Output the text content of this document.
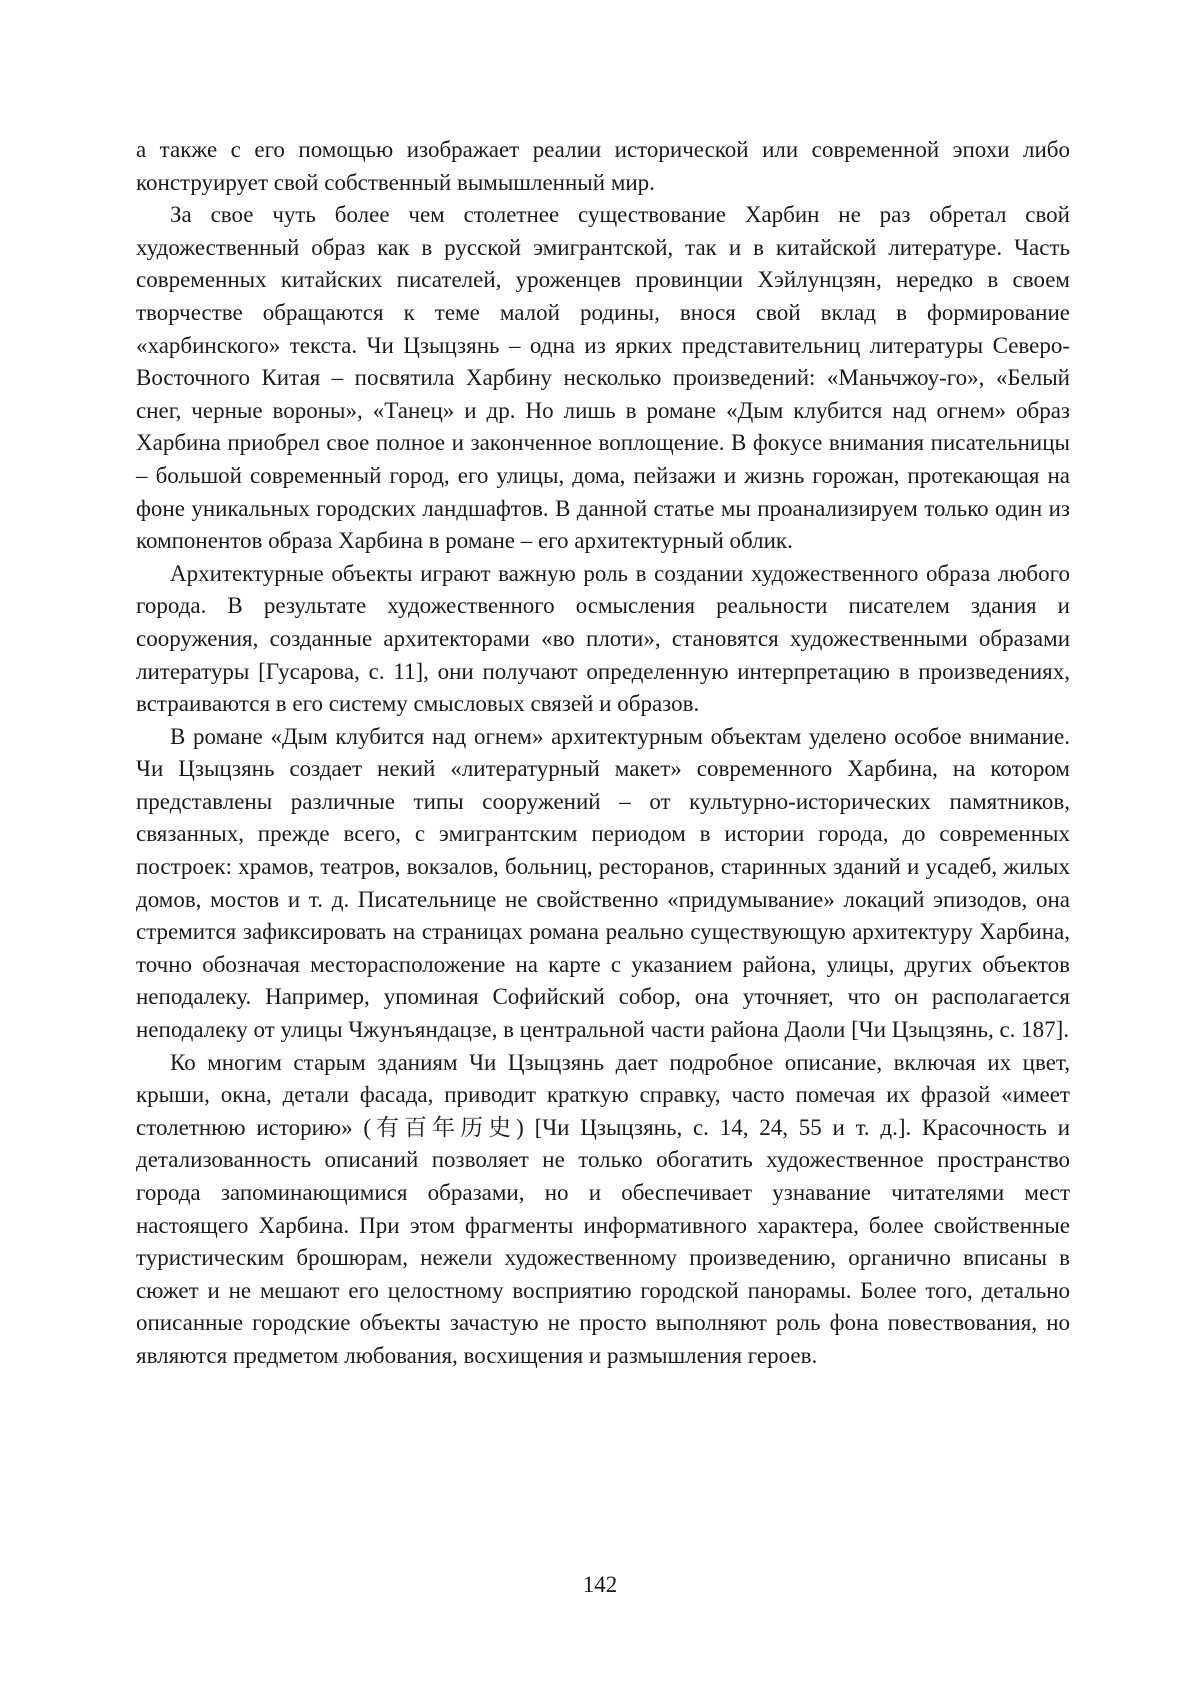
а также с его помощью изображает реалии исторической или современной эпохи либо конструирует свой собственный вымышленный мир.

За свое чуть более чем столетнее существование Харбин не раз обретал свой художественный образ как в русской эмигрантской, так и в китайской литературе. Часть современных китайских писателей, уроженцев провинции Хэйлунцзян, нередко в своем творчестве обращаются к теме малой родины, внося свой вклад в формирование «харбинского» текста. Чи Цзыцзянь – одна из ярких представительниц литературы Северо-Восточного Китая – посвятила Харбину несколько произведений: «Маньчжоу-го», «Белый снег, черные вороны», «Танец» и др. Но лишь в романе «Дым клубится над огнем» образ Харбина приобрел свое полное и законченное воплощение. В фокусе внимания писательницы – большой современный город, его улицы, дома, пейзажи и жизнь горожан, протекающая на фоне уникальных городских ландшафтов. В данной статье мы проанализируем только один из компонентов образа Харбина в романе – его архитектурный облик.

Архитектурные объекты играют важную роль в создании художественного образа любого города. В результате художественного осмысления реальности писателем здания и сооружения, созданные архитекторами «во плоти», становятся художественными образами литературы [Гусарова, с. 11], они получают определенную интерпретацию в произведениях, встраиваются в его систему смысловых связей и образов.

В романе «Дым клубится над огнем» архитектурным объектам уделено особое внимание. Чи Цзыцзянь создает некий «литературный макет» современного Харбина, на котором представлены различные типы сооружений – от культурно-исторических памятников, связанных, прежде всего, с эмигрантским периодом в истории города, до современных построек: храмов, театров, вокзалов, больниц, ресторанов, старинных зданий и усадеб, жилых домов, мостов и т. д. Писательнице не свойственно «придумывание» локаций эпизодов, она стремится зафиксировать на страницах романа реально существующую архитектуру Харбина, точно обозначая месторасположение на карте с указанием района, улицы, других объектов неподалеку. Например, упоминая Софийский собор, она уточняет, что он располагается неподалеку от улицы Чжунъяндацзе, в центральной части района Даоли [Чи Цзыцзянь, с. 187].

Ко многим старым зданиям Чи Цзыцзянь дает подробное описание, включая их цвет, крыши, окна, детали фасада, приводит краткую справку, часто помечая их фразой «имеет столетнюю историю» (有百年历史) [Чи Цзыцзянь, с. 14, 24, 55 и т. д.]. Красочность и детализованность описаний позволяет не только обогатить художественное пространство города запоминающимися образами, но и обеспечивает узнавание читателями мест настоящего Харбина. При этом фрагменты информативного характера, более свойственные туристическим брошюрам, нежели художественному произведению, органично вписаны в сюжет и не мешают его целостному восприятию городской панорамы. Более того, детально описанные городские объекты зачастую не просто выполняют роль фона повествования, но являются предметом любования, восхищения и размышления героев.

142
